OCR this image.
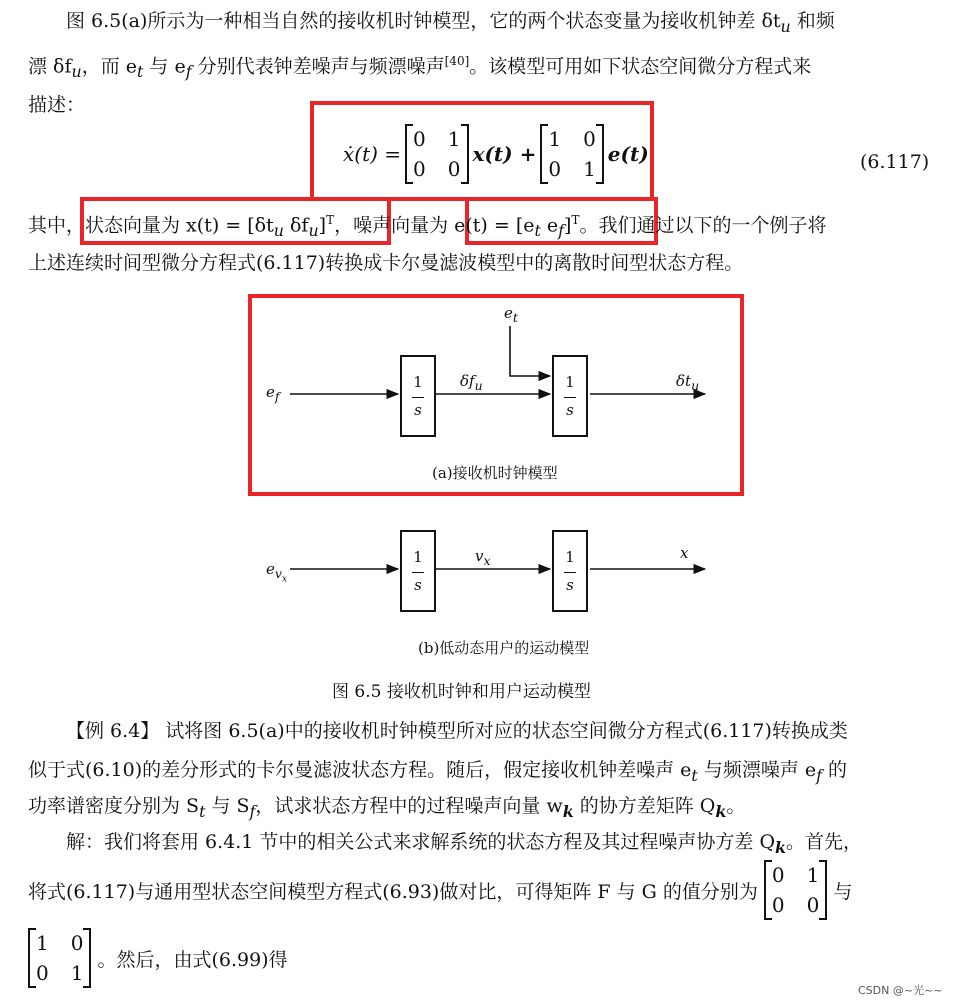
图 6.5(a)所示为一种相当自然的接收机时钟模型，它的两个状态变量为接收机钟差 $\delta t_u$ 和频
漂 $\delta f_u$，而 $e_t$ 与 $e_f$ 分别代表钟差噪声与频漂噪声[40]。该模型可用如下状态空间微分方程式来
描述：
ẋ(t) =
0 1
0 0
x(t) +
1 0
0 1
e(t)	(6.117)
其中，状态向量为 $x(t) = [\delta t_u$ $\delta f_u]^T$，噪声向量为 $e(t) = [e_t$ $e_f]^T$。我们通过以下的一个例子将
上述连续时间型微分方程式(6.117)转换成卡尔曼滤波模型中的离散时间型状态方程。
1
s
1
s
$e_f$
$e_t$
$\delta f_u$	$\delta t_u$
(a)接收机时钟模型
1
s
1
s
$e_{v_x}$
$v_x$	x
(b)低动态用户的运动模型
图 6.5 接收机时钟和用户运动模型
【例 6.4】 试将图 6.5(a)中的接收机时钟模型所对应的状态空间微分方程式(6.117)转换成类
似于式(6.10)的差分形式的卡尔曼滤波状态方程。随后，假定接收机钟差噪声 $e_t$ 与频漂噪声 $e_f$ 的
功率谱密度分别为 $S_t$ 与 $S_f$，试求状态方程中的过程噪声向量 $w_k$ 的协方差矩阵 $Q_k$。
解：我们将套用 6.4.1 节中的相关公式来求解系统的状态方程及其过程噪声协方差 $Q_k$。首先，
将式(6.117)与通用型状态空间模型方程式(6.93)做对比，可得矩阵 F 与 G 的值分别为
0 1
0 0
与
1 0
0 1
。然后，由式(6.99)得
CSDN @~光~~
